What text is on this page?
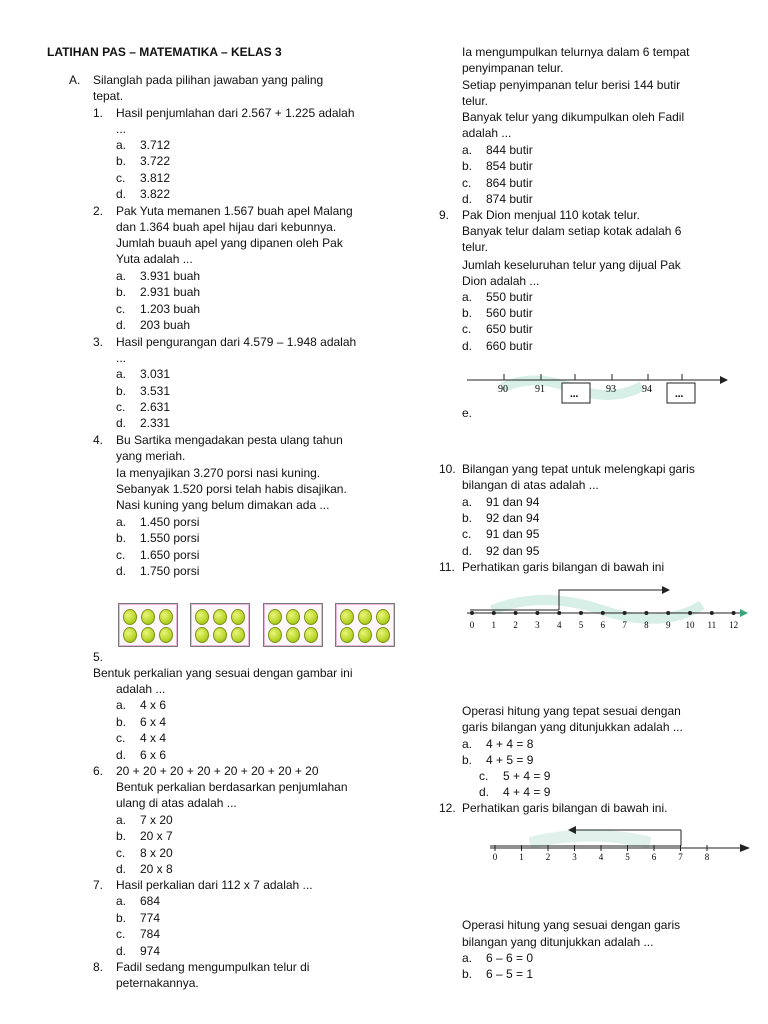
LATIHAN PAS – MATEMATIKA – KELAS 3
A. Silanglah pada pilihan jawaban yang paling
tepat.
1. Hasil penjumlahan dari 2.567 + 1.225 adalah
...
a. 3.712
b. 3.722
c. 3.812
d. 3.822
2. Pak Yuta memanen 1.567 buah apel Malang
dan 1.364 buah apel hijau dari kebunnya.
Jumlah buauh apel yang dipanen oleh Pak
Yuta adalah ...
a. 3.931 buah
b. 2.931 buah
c. 1.203 buah
d. 203 buah
3. Hasil pengurangan dari 4.579 – 1.948 adalah
...
a. 3.031
b. 3.531
c. 2.631
d. 2.331
4. Bu Sartika mengadakan pesta ulang tahun
yang meriah.
Ia menyajikan 3.270 porsi nasi kuning.
Sebanyak 1.520 porsi telah habis disajikan.
Nasi kuning yang belum dimakan ada ...
a. 1.450 porsi
b. 1.550 porsi
c. 1.650 porsi
d. 1.750 porsi
5.
Bentuk perkalian yang sesuai dengan gambar ini
adalah ...
a. 4 x 6
b. 6 x 4
c. 4 x 4
d. 6 x 6
6. 20 + 20 + 20 + 20 + 20 + 20 + 20 + 20
Bentuk perkalian berdasarkan penjumlahan
ulang di atas adalah ...
a. 7 x 20
b. 20 x 7
c. 8 x 20
d. 20 x 8
7. Hasil perkalian dari 112 x 7 adalah ...
a. 684
b. 774
c. 784
d. 974
8. Fadil sedang mengumpulkan telur di
peternakannya.
Ia mengumpulkan telurnya dalam 6 tempat
penyimpanan telur.
Setiap penyimpanan telur berisi 144 butir
telur.
Banyak telur yang dikumpulkan oleh Fadil
adalah ...
a. 844 butir
b. 854 butir
c. 864 butir
d. 874 butir
9. Pak Dion menjual 110 kotak telur.
Banyak telur dalam setiap kotak adalah 6
telur.
Jumlah keseluruhan telur yang dijual Pak
Dion adalah ...
a. 550 butir
b. 560 butir
c. 650 butir
d. 660 butir
90	91	93	94
...	...
e.
10. Bilangan yang tepat untuk melengkapi garis
bilangan di atas adalah ...
a. 91 dan 94
b. 92 dan 94
c. 91 dan 95
d. 92 dan 95
11. Perhatikan garis bilangan di bawah ini
0 1 2 3 4 5 6 7 8 9 10 11 12
Operasi hitung yang tepat sesuai dengan
garis bilangan yang ditunjukkan adalah ...
a. 4 + 4 = 8
b. 4 + 5 = 9
c. 5 + 4 = 9
d. 4 + 4 = 9
12. Perhatikan garis bilangan di bawah ini.
0 1 2 3 4 5 6 7 8
Operasi hitung yang sesuai dengan garis
bilangan yang ditunjukkan adalah ...
a. 6 – 6 = 0
b. 6 – 5 = 1
